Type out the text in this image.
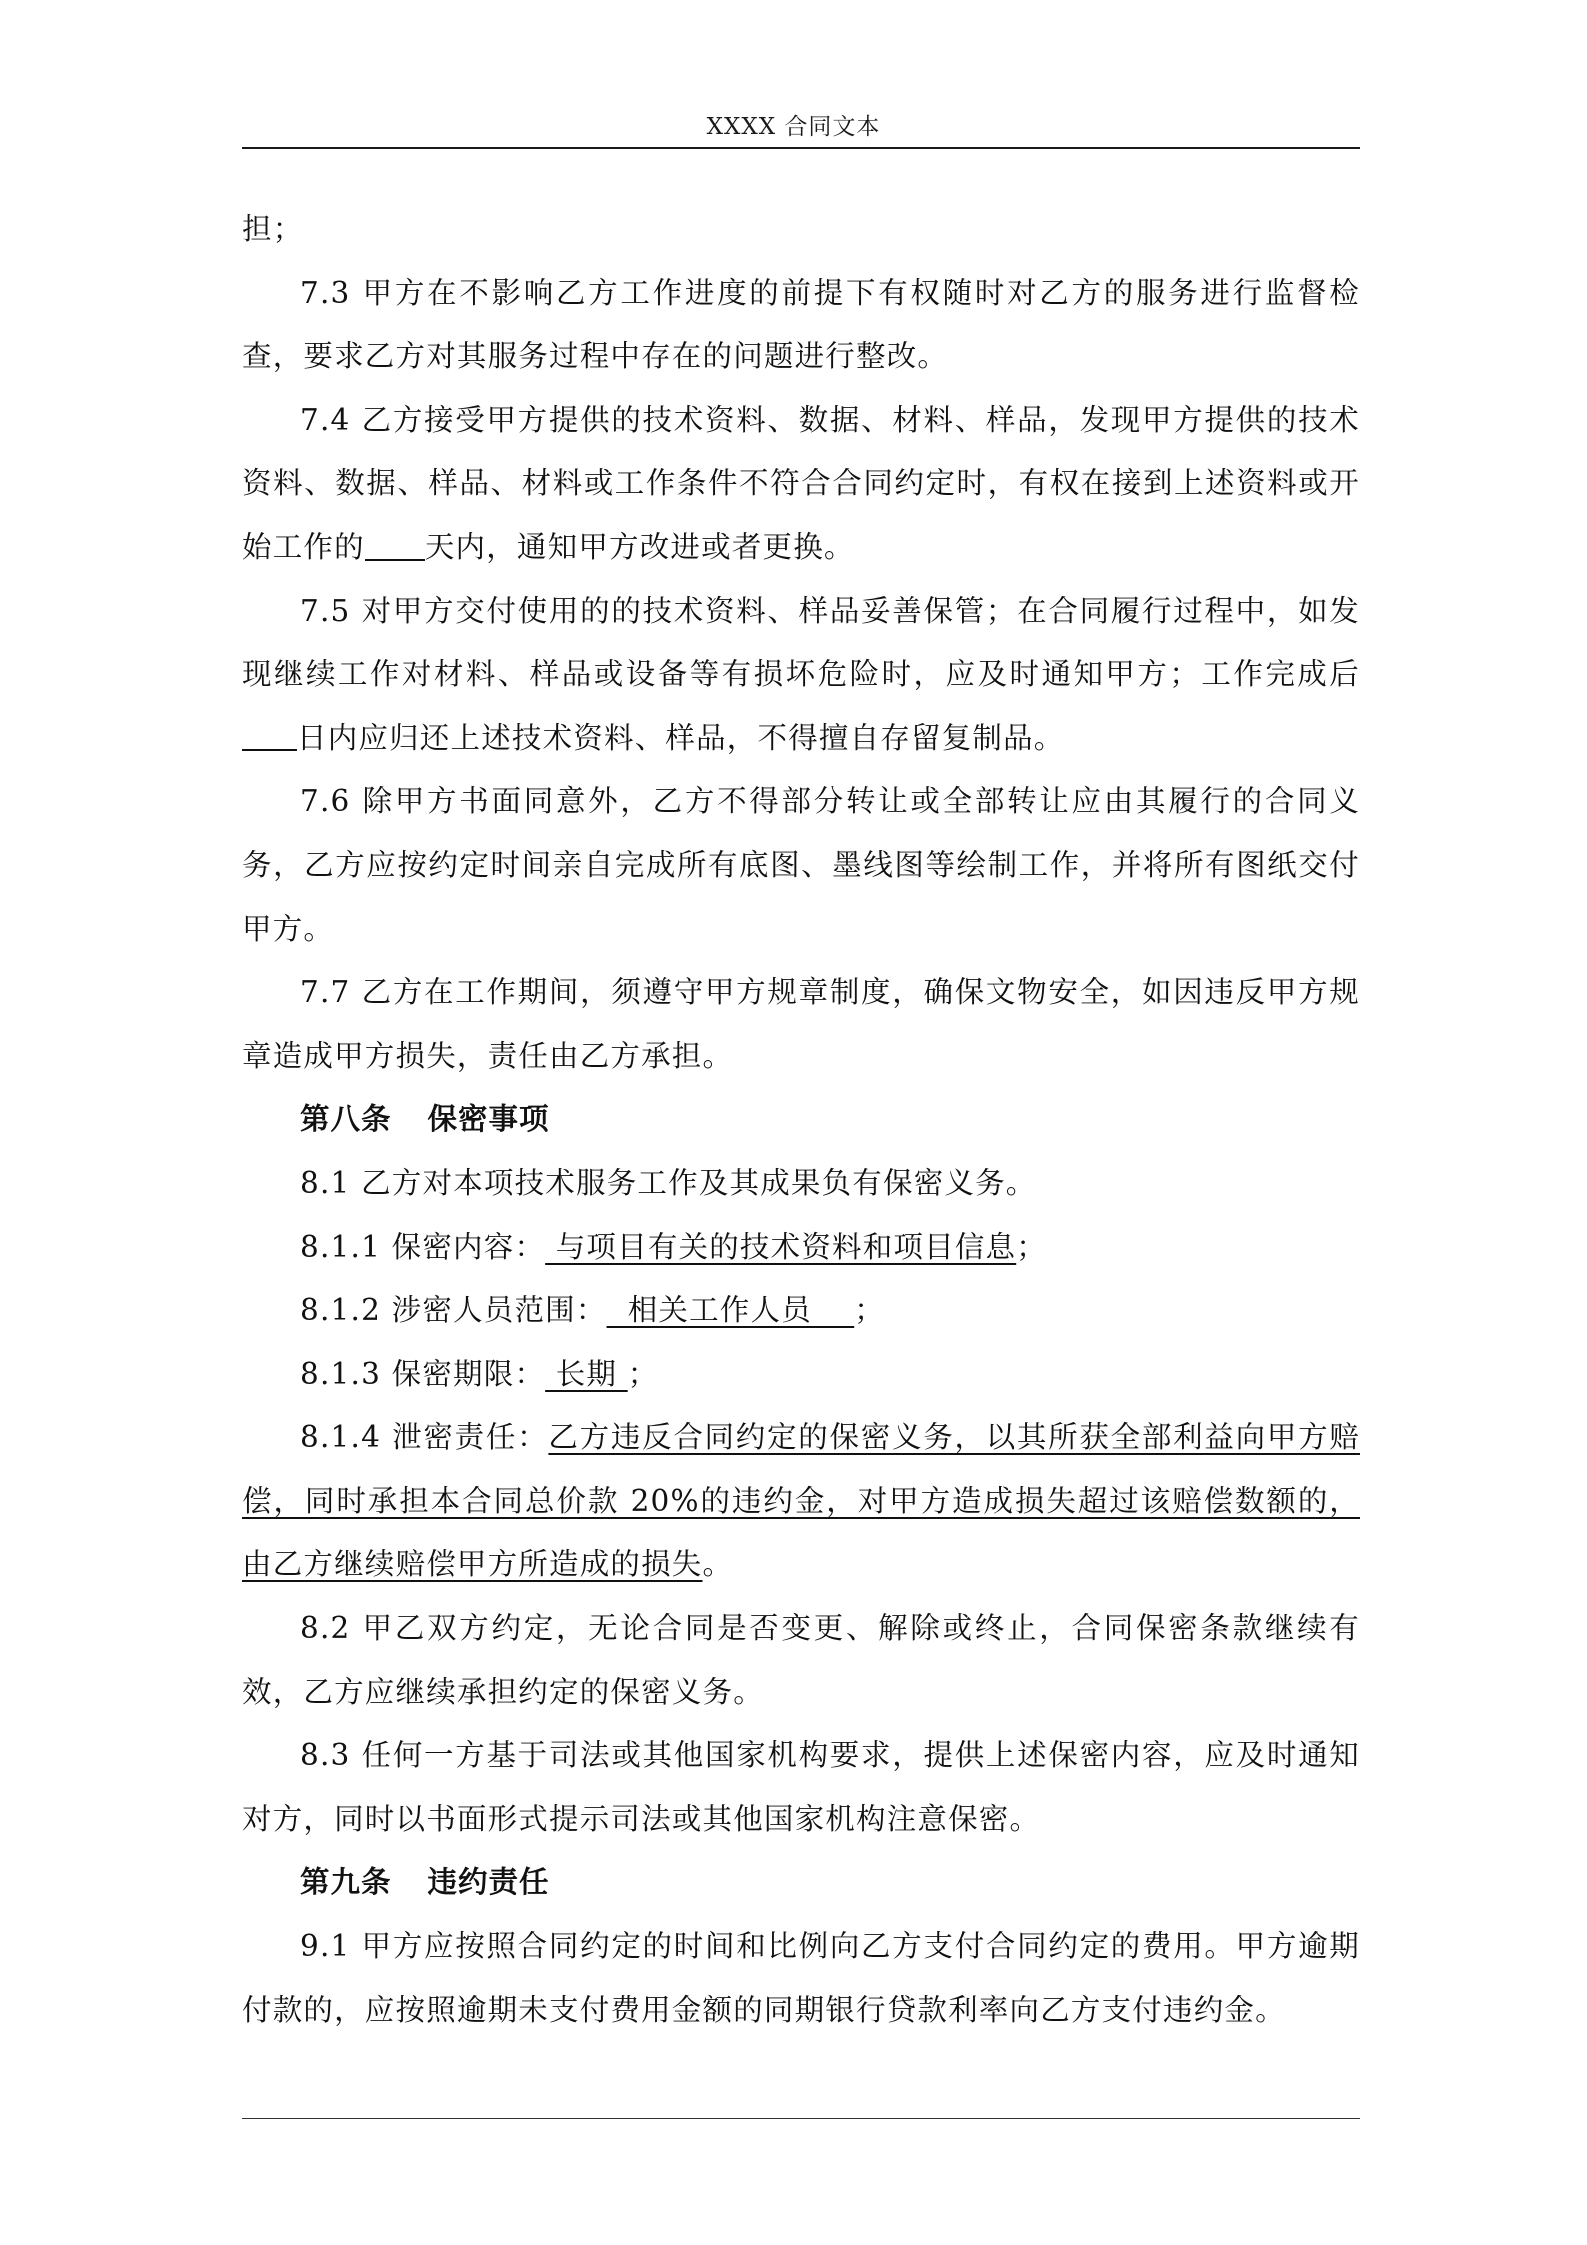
XXXX 合同文本

担；

7.3 甲方在不影响乙方工作进度的前提下有权随时对乙方的服务进行监督检查，要求乙方对其服务过程中存在的问题进行整改。

7.4 乙方接受甲方提供的技术资料、数据、材料、样品，发现甲方提供的技术资料、数据、样品、材料或工作条件不符合合同约定时，有权在接到上述资料或开始工作的 天内，通知甲方改进或者更换。

7.5 对甲方交付使用的的技术资料、样品妥善保管；在合同履行过程中，如发现继续工作对材料、样品或设备等有损坏危险时，应及时通知甲方；工作完成后日内应归还上述技术资料、样品，不得擅自存留复制品。

7.6 除甲方书面同意外，乙方不得部分转让或全部转让应由其履行的合同义务，乙方应按约定时间亲自完成所有底图、墨线图等绘制工作，并将所有图纸交付甲方。

7.7 乙方在工作期间，须遵守甲方规章制度，确保文物安全，如因违反甲方规章造成甲方损失，责任由乙方承担。

第八条 保密事项

8.1 乙方对本项技术服务工作及其成果负有保密义务。

8.1.1 保密内容： 与项目有关的技术资料和项目信息；

8.1.2 涉密人员范围：  相关工作人员    ；

8.1.3 保密期限： 长期 ；

8.1.4 泄密责任：乙方违反合同约定的保密义务，以其所获全部利益向甲方赔偿，同时承担本合同总价款 20%的违约金，对甲方造成损失超过该赔偿数额的，由乙方继续赔偿甲方所造成的损失。

8.2 甲乙双方约定，无论合同是否变更、解除或终止，合同保密条款继续有效，乙方应继续承担约定的保密义务。

8.3 任何一方基于司法或其他国家机构要求，提供上述保密内容，应及时通知对方，同时以书面形式提示司法或其他国家机构注意保密。

第九条 违约责任

9.1 甲方应按照合同约定的时间和比例向乙方支付合同约定的费用。甲方逾期付款的，应按照逾期未支付费用金额的同期银行贷款利率向乙方支付违约金。
